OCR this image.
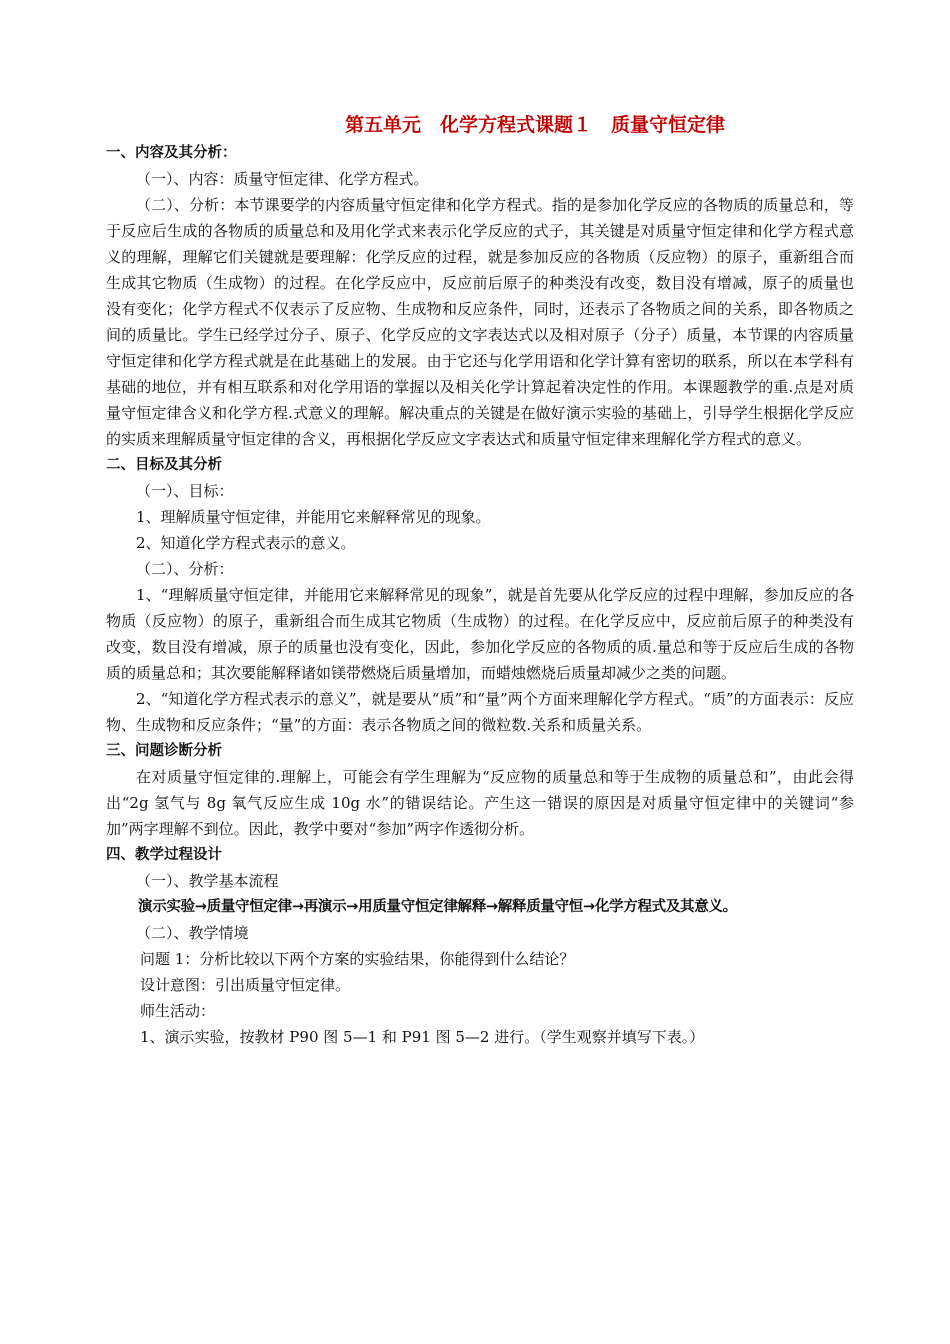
第五单元　化学方程式课题１　质量守恒定律
一、内容及其分析：
（一）、内容：质量守恒定律、化学方程式。
（二）、分析：本节课要学的内容质量守恒定律和化学方程式。指的是参加化学反应的各物质的质量总和，等于反应后生成的各物质的质量总和及用化学式来表示化学反应的式子，其关键是对质量守恒定律和化学方程式意义的理解，理解它们关键就是要理解：化学反应的过程，就是参加反应的各物质（反应物）的原子，重新组合而生成其它物质（生成物）的过程。在化学反应中，反应前后原子的种类没有改变，数目没有增减，原子的质量也没有变化；化学方程式不仅表示了反应物、生成物和反应条件，同时，还表示了各物质之间的关系，即各物质之间的质量比。学生已经学过分子、原子、化学反应的文字表达式以及相对原子（分子）质量，本节课的内容质量守恒定律和化学方程式就是在此基础上的发展。由于它还与化学用语和化学计算有密切的联系，所以在本学科有基础的地位，并有相互联系和对化学用语的掌握以及相关化学计算起着决定性的作用。本课题教学的重.点是对质量守恒定律含义和化学方程.式意义的理解。解决重点的关键是在做好演示实验的基础上，引导学生根据化学反应的实质来理解质量守恒定律的含义，再根据化学反应文字表达式和质量守恒定律来理解化学方程式的意义。
二、目标及其分析
（一）、目标：
1、理解质量守恒定律，并能用它来解释常见的现象。
2、知道化学方程式表示的意义。
（二）、分析：
1、“理解质量守恒定律，并能用它来解释常见的现象”，就是首先要从化学反应的过程中理解，参加反应的各物质（反应物）的原子，重新组合而生成其它物质（生成物）的过程。在化学反应中，反应前后原子的种类没有改变，数目没有增减，原子的质量也没有变化，因此，参加化学反应的各物质的质.量总和等于反应后生成的各物质的质量总和；其次要能解释诸如镁带燃烧后质量增加，而蜡烛燃烧后质量却减少之类的问题。
2、“知道化学方程式表示的意义”，就是要从“质”和“量”两个方面来理解化学方程式。“质”的方面表示：反应物、生成物和反应条件；“量”的方面：表示各物质之间的微粒数.关系和质量关系。
三、问题诊断分析
在对质量守恒定律的.理解上，可能会有学生理解为“反应物的质量总和等于生成物的质量总和”，由此会得出“2g 氢气与 8g 氧气反应生成 10g 水”的错误结论。产生这一错误的原因是对质量守恒定律中的关键词“参加”两字理解不到位。因此，教学中要对“参加”两字作透彻分析。
四、教学过程设计
（一）、教学基本流程
演示实验→质量守恒定律→再演示→用质量守恒定律解释→解释质量守恒→化学方程式及其意义。
（二）、教学情境
问题 1：分析比较以下两个方案的实验结果，你能得到什么结论？
设计意图：引出质量守恒定律。
师生活动：
1、演示实验，按教材 P90 图 5—1 和 P91 图 5—2 进行。（学生观察并填写下表。）
